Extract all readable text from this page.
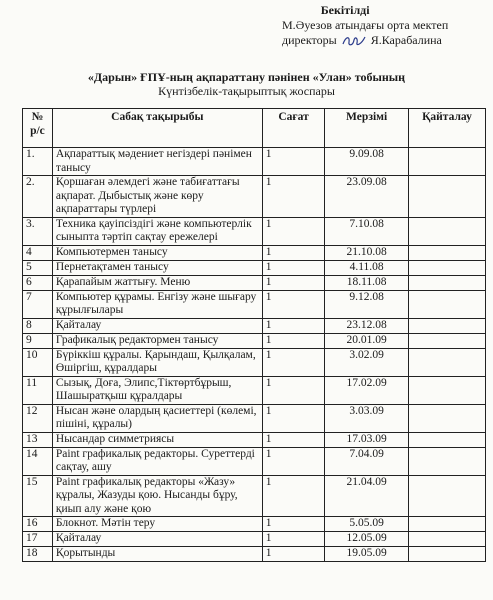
Бекітілді
М.Әуезов атындағы орта мектеп
директоры	Я.Карабалина
«Дарын» ҒПҰ-ның ақпараттану пәнінен «Улан» тобының
Күнтізбелік-тақырыптық жоспары
№ р/с	Сабақ тақырыбы	Сағат	Мерзімі	Қайталау
1.	Ақпараттық мәдениет негіздері пәнімен танысу	1	9.09.08	
2.	Қоршаған әлемдегі және табиғаттағы ақпарат. Дыбыстық және көру ақпараттары түрлері	1	23.09.08	
3.	Техника қауіпсіздігі және компьютерлік сыныпта тәртіп сақтау ережелері	1	7.10.08	
4	Компьютермен танысу	1	21.10.08	
5	Пернетақтамен танысу	1	4.11.08	
6	Қарапайым жаттығу. Меню	1	18.11.08	
7	Компьютер құрамы. Енгізу және шығару құрылғылары	1	9.12.08	
8	Қайталау	1	23.12.08	
9	Графикалық редактормен танысу	1	20.01.09	
10	Бүріккіш құралы. Қарындаш, Қылқалам, Өшіргіш, құралдары	1	3.02.09	
11	Сызық, Доға, Элипс,Тіктөртбұрыш, Шашыратқыш құралдары	1	17.02.09	
12	Нысан және олардың қасиеттері (көлемі, пішіні, құралы)	1	3.03.09	
13	Нысандар симметриясы	1	17.03.09	
14	Paint графикалық редакторы. Суреттерді сақтау, ашу	1	7.04.09	
15	Paint графикалық редакторы «Жазу» құралы, Жазуды қою. Нысанды бұру, қиып алу және қою	1	21.04.09	
16	Блокнот. Мәтін теру	1	5.05.09	
17	Қайталау	1	12.05.09	
18	Қорытынды	1	19.05.09	
